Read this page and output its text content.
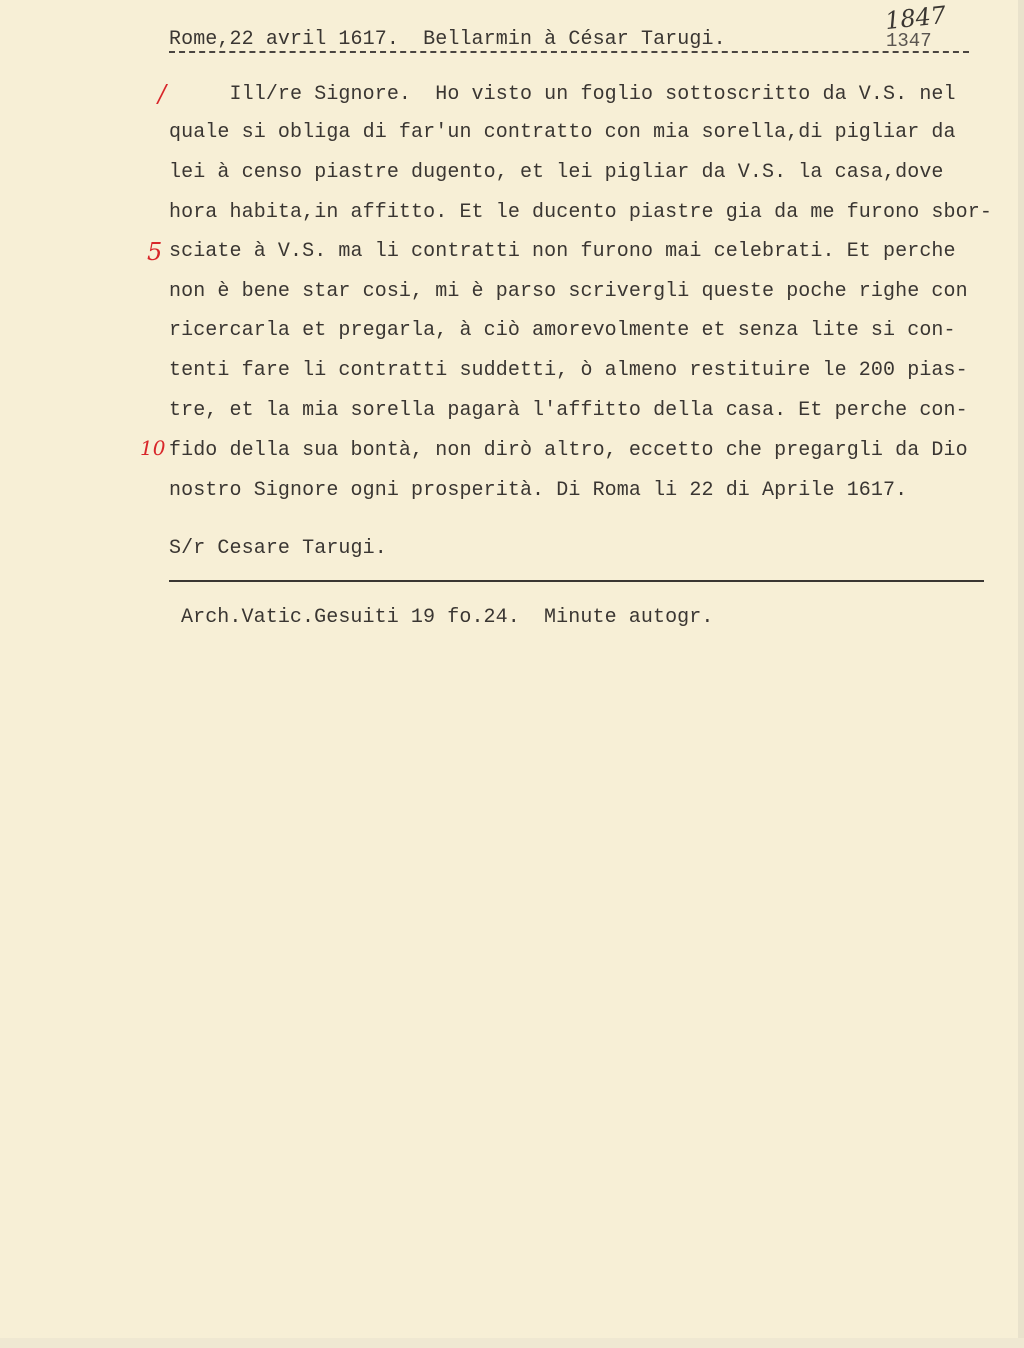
1847
1347
Rome,22 avril 1617.  Bellarmin à César Tarugi.
/
5
10
Ill/re Signore.  Ho visto un foglio sottoscritto da V.S. nel
quale si obliga di far'un contratto con mia sorella,di pigliar da
lei à censo piastre dugento, et lei pigliar da V.S. la casa,dove
hora habita,in affitto. Et le ducento piastre gia da me furono sbor-
sciate à V.S. ma li contratti non furono mai celebrati. Et perche
non è bene star cosi, mi è parso scrivergli queste poche righe con
ricercarla et pregarla, à ciò amorevolmente et senza lite si con-
tenti fare li contratti suddetti, ò almeno restituire le 200 pias-
tre, et la mia sorella pagarà l'affitto della casa. Et perche con-
fido della sua bontà, non dirò altro, eccetto che pregargli da Dio
nostro Signore ogni prosperità. Di Roma li 22 di Aprile 1617.
S/r Cesare Tarugi.
Arch.Vatic.Gesuiti 19 fo.24.  Minute autogr.
